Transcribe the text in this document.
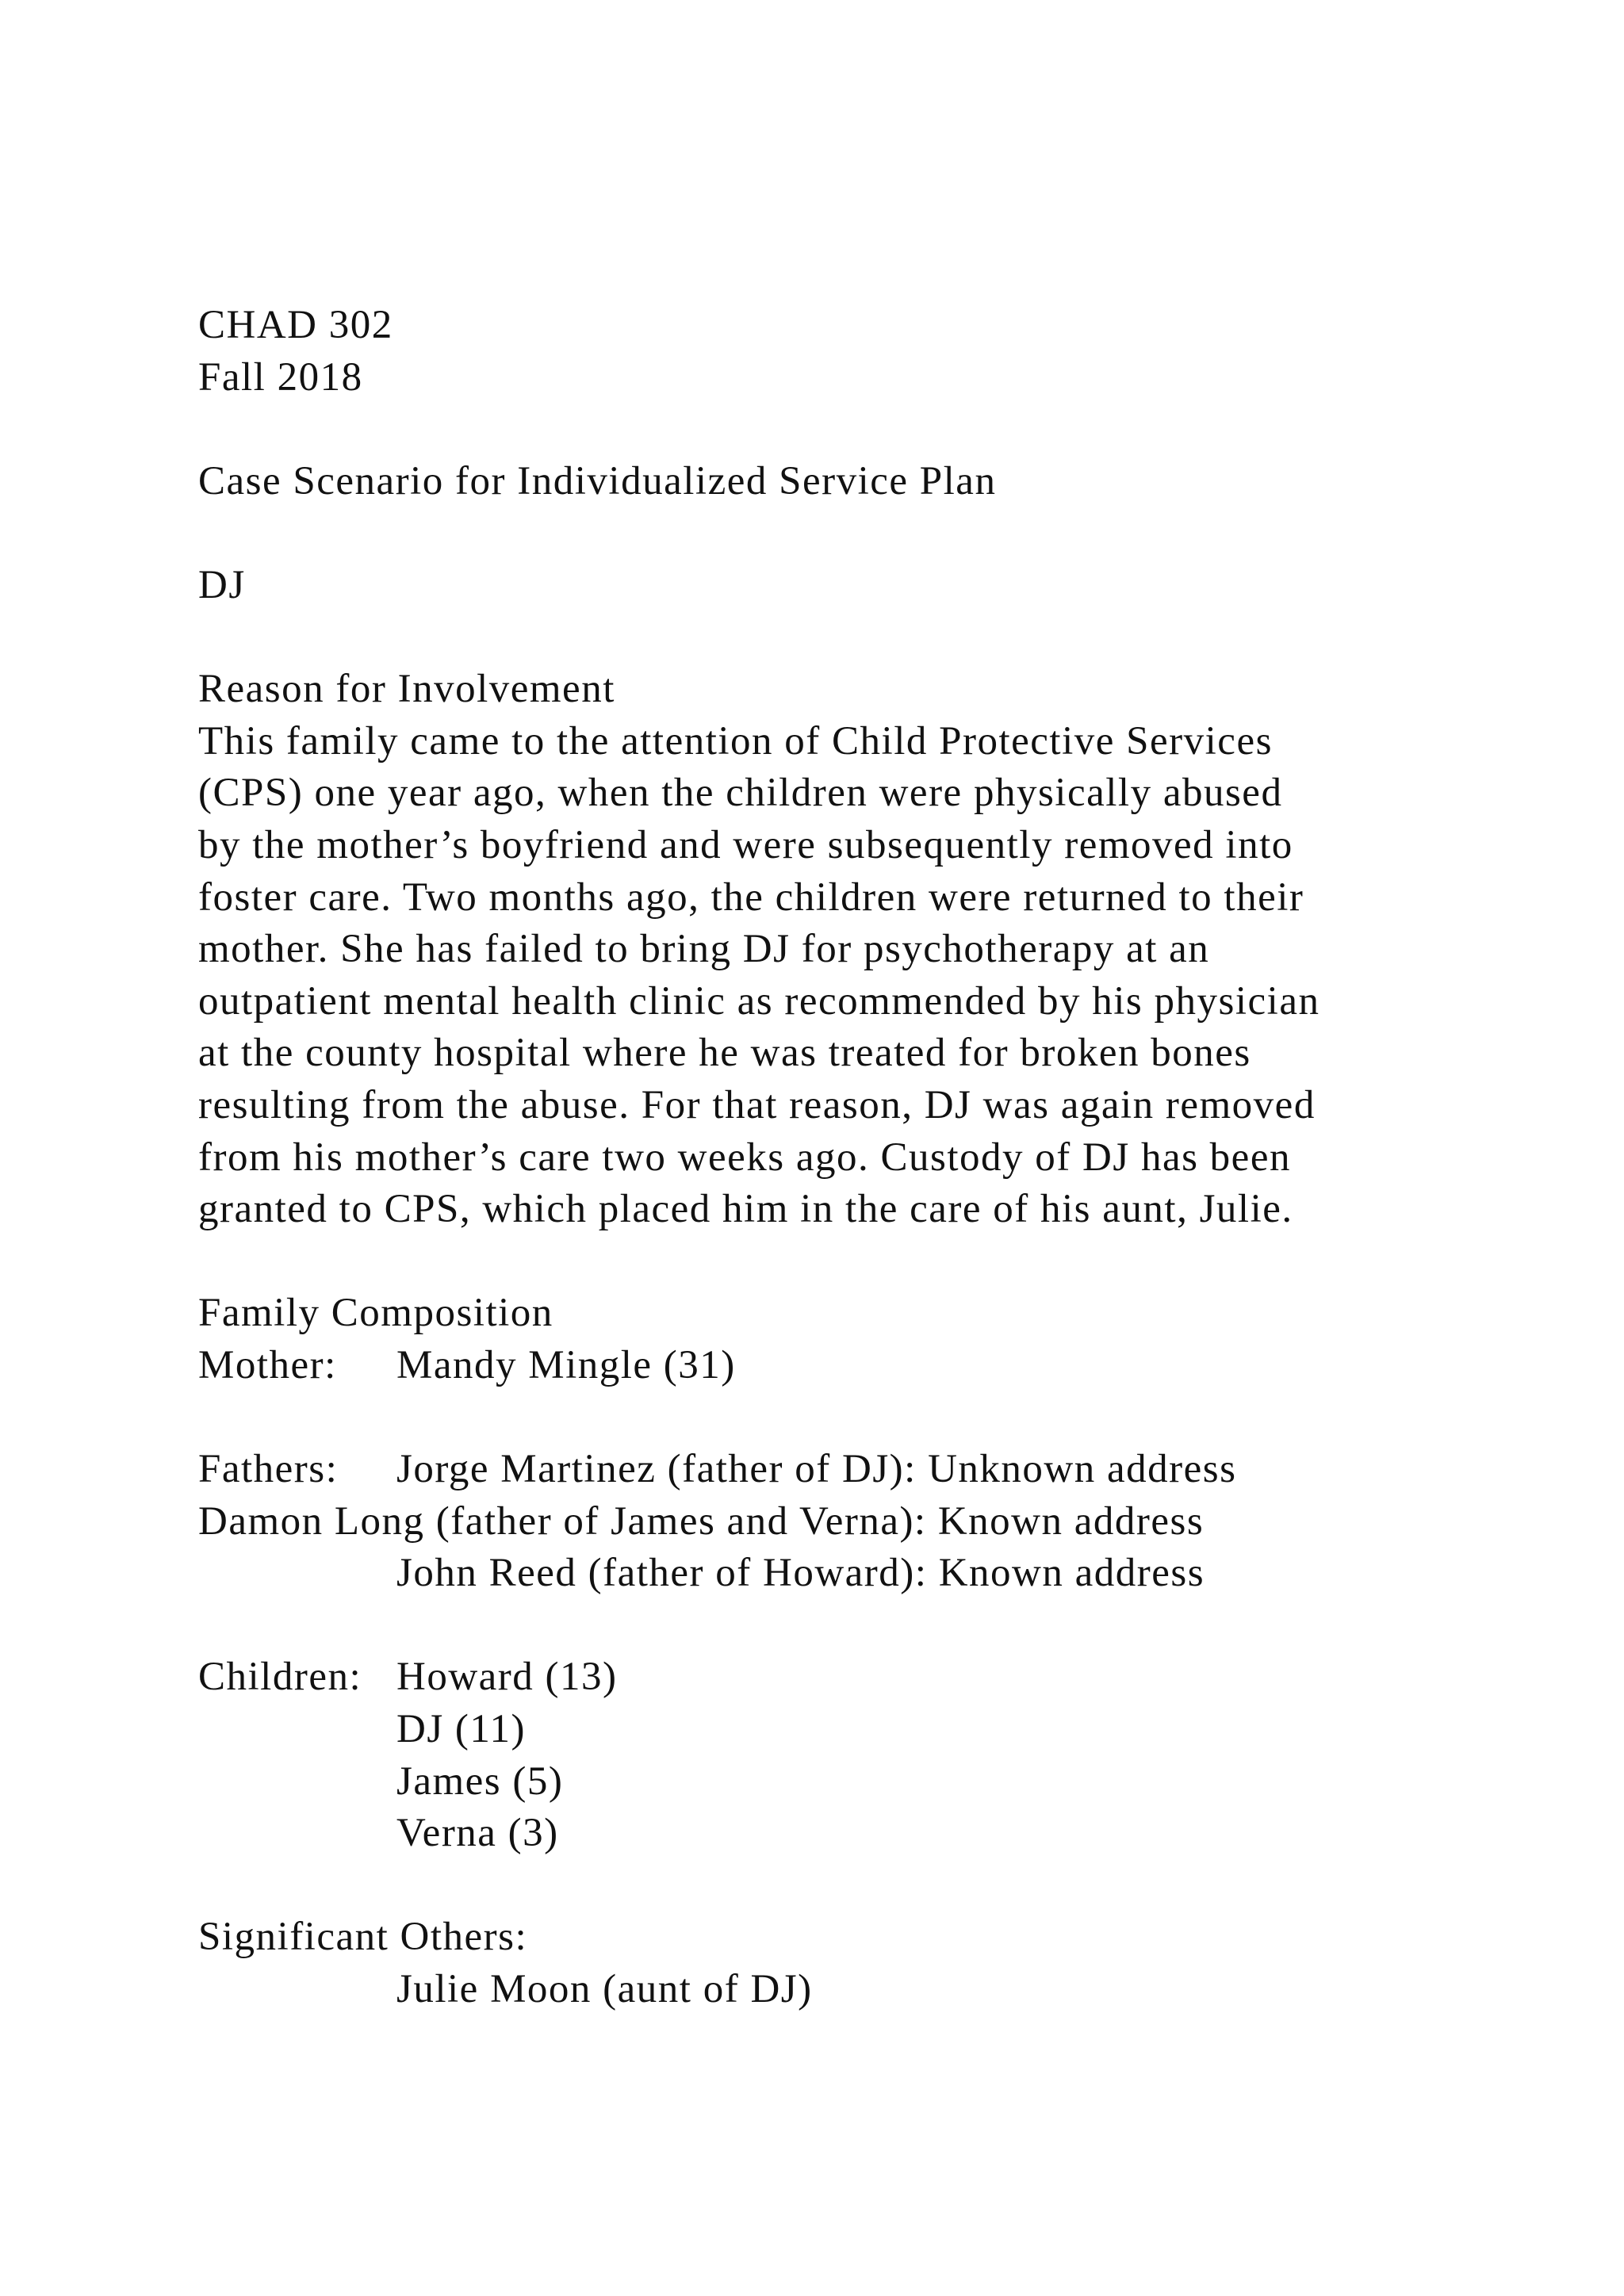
CHAD 302
Fall 2018
Case Scenario for Individualized Service Plan
DJ
Reason for Involvement
This family came to the attention of Child Protective Services
(CPS) one year ago, when the children were physically abused
by the mother’s boyfriend and were subsequently removed into
foster care. Two months ago, the children were returned to their
mother. She has failed to bring DJ for psychotherapy at an
outpatient mental health clinic as recommended by his physician
at the county hospital where he was treated for broken bones
resulting from the abuse. For that reason, DJ was again removed
from his mother’s care two weeks ago. Custody of DJ has been
granted to CPS, which placed him in the care of his aunt, Julie.
Family Composition
Mother:	Mandy Mingle (31)
Fathers:	Jorge Martinez (father of DJ): Unknown address
Damon Long (father of James and Verna): Known address
John Reed (father of Howard): Known address
Children: Howard (13)
DJ (11)
James (5)
Verna (3)
Significant Others:
Julie Moon (aunt of DJ)
